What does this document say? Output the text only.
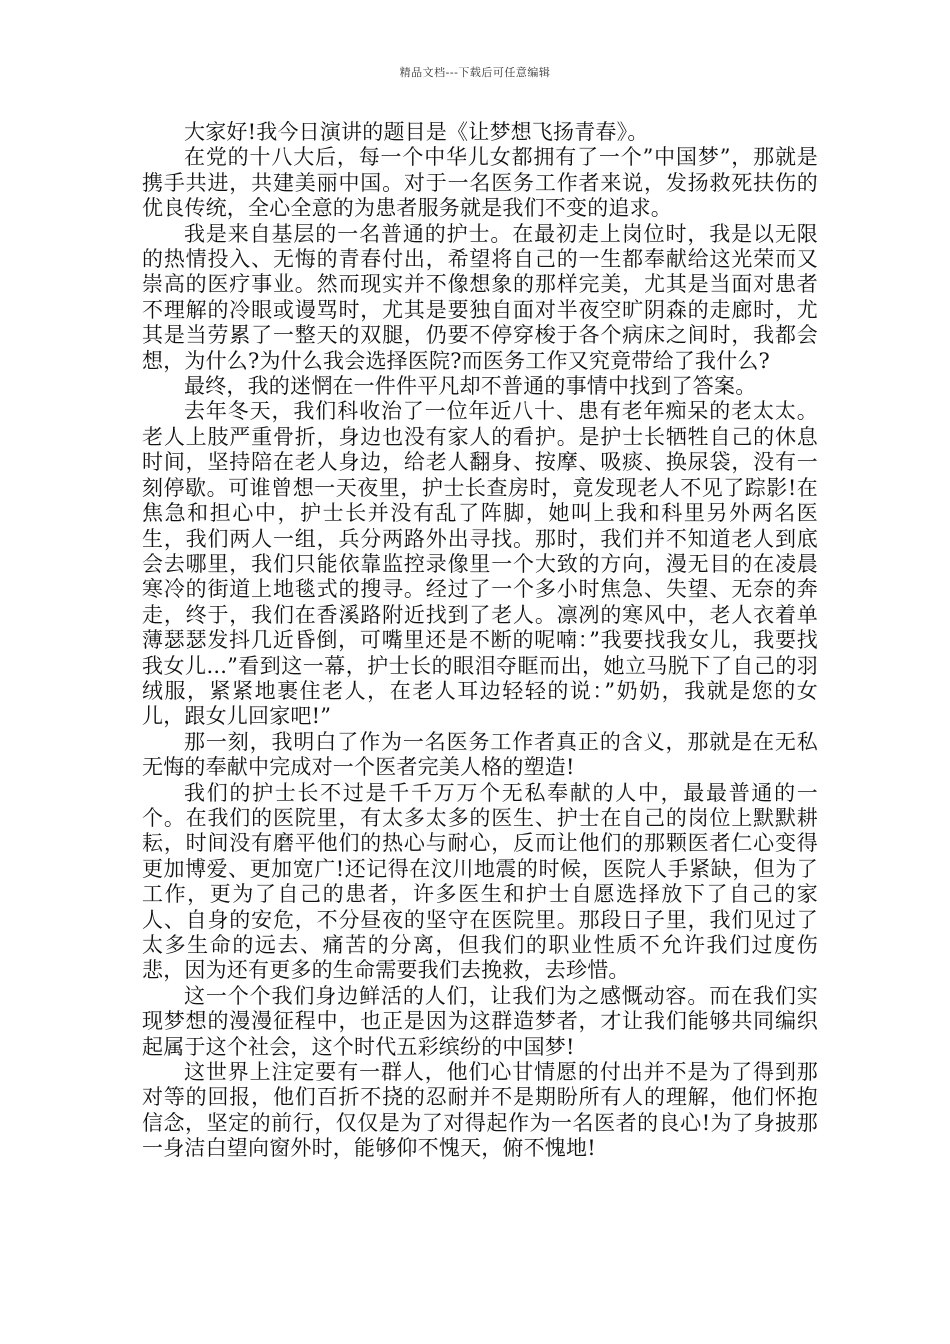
精品文档---下载后可任意编辑

大家好!我今日演讲的题目是《让梦想飞扬青春》。

在党的十八大后，每一个中华儿女都拥有了一个”中国梦”，那就是携手共进，共建美丽中国。对于一名医务工作者来说，发扬救死扶伤的优良传统，全心全意的为患者服务就是我们不变的追求。

我是来自基层的一名普通的护士。在最初走上岗位时，我是以无限的热情投入、无悔的青春付出，希望将自己的一生都奉献给这光荣而又崇高的医疗事业。然而现实并不像想象的那样完美，尤其是当面对患者不理解的冷眼或谩骂时，尤其是要独自面对半夜空旷阴森的走廊时，尤其是当劳累了一整天的双腿，仍要不停穿梭于各个病床之间时，我都会想，为什么?为什么我会选择医院?而医务工作又究竟带给了我什么?

最终，我的迷惘在一件件平凡却不普通的事情中找到了答案。

去年冬天，我们科收治了一位年近八十、患有老年痴呆的老太太。老人上肢严重骨折，身边也没有家人的看护。是护士长牺牲自己的休息时间，坚持陪在老人身边，给老人翻身、按摩、吸痰、换尿袋，没有一刻停歇。可谁曾想一天夜里，护士长查房时，竟发现老人不见了踪影!在焦急和担心中，护士长并没有乱了阵脚，她叫上我和科里另外两名医生，我们两人一组，兵分两路外出寻找。那时，我们并不知道老人到底会去哪里，我们只能依靠监控录像里一个大致的方向，漫无目的在凌晨寒冷的街道上地毯式的搜寻。经过了一个多小时焦急、失望、无奈的奔走，终于，我们在香溪路附近找到了老人。凛冽的寒风中，老人衣着单薄瑟瑟发抖几近昏倒，可嘴里还是不断的呢喃：”我要找我女儿，我要找我女儿...”看到这一幕，护士长的眼泪夺眶而出，她立马脱下了自己的羽绒服，紧紧地裹住老人，在老人耳边轻轻的说：”奶奶，我就是您的女儿，跟女儿回家吧!”

那一刻，我明白了作为一名医务工作者真正的含义，那就是在无私无悔的奉献中完成对一个医者完美人格的塑造!

我们的护士长不过是千千万万个无私奉献的人中，最最普通的一个。在我们的医院里，有太多太多的医生、护士在自己的岗位上默默耕耘，时间没有磨平他们的热心与耐心，反而让他们的那颗医者仁心变得更加博爱、更加宽广!还记得在汶川地震的时候，医院人手紧缺，但为了工作，更为了自己的患者，许多医生和护士自愿选择放下了自己的家人、自身的安危，不分昼夜的坚守在医院里。那段日子里，我们见过了太多生命的远去、痛苦的分离，但我们的职业性质不允许我们过度伤悲，因为还有更多的生命需要我们去挽救，去珍惜。

这一个个我们身边鲜活的人们，让我们为之感慨动容。而在我们实现梦想的漫漫征程中，也正是因为这群造梦者，才让我们能够共同编织起属于这个社会，这个时代五彩缤纷的中国梦!

这世界上注定要有一群人，他们心甘情愿的付出并不是为了得到那对等的回报，他们百折不挠的忍耐并不是期盼所有人的理解，他们怀抱信念，坚定的前行，仅仅是为了对得起作为一名医者的良心!为了身披那一身洁白望向窗外时，能够仰不愧天，俯不愧地!
